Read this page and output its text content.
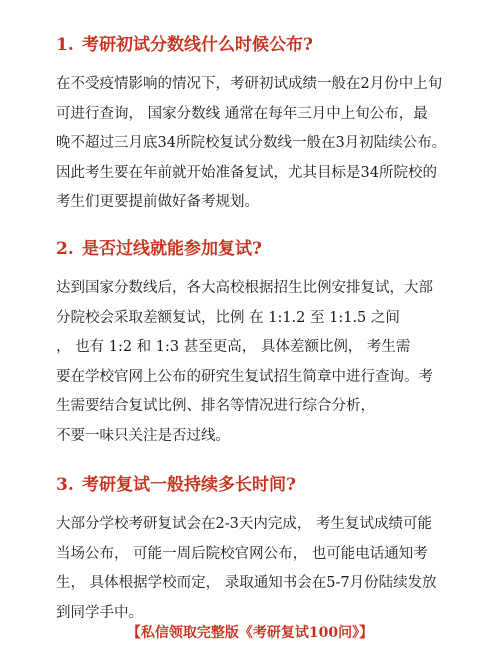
1. 考研初试分数线什么时候公布?

在不受疫情影响的情况下，考研初试成绩一般在2月份中上旬
可进行查询， 国家分数线 通常在每年三月中上旬公布，最
晚不超过三月底34所院校复试分数线一般在3月初陆续公布。
因此考生要在年前就开始准备复试，尤其目标是34所院校的
考生们更要提前做好备考规划。

2. 是否过线就能参加复试?

达到国家分数线后，各大高校根据招生比例安排复试，大部
分院校会采取差额复试，比例 在 1:1.2 至 1:1.5 之间
， 也有 1:2 和 1:3 甚至更高， 具体差额比例， 考生需
要在学校官网上公布的研究生复试招生简章中进行查询。考
生需要结合复试比例、排名等情况进行综合分析，
不要一味只关注是否过线。

3. 考研复试一般持续多长时间?

大部分学校考研复试会在2-3天内完成， 考生复试成绩可能
当场公布， 可能一周后院校官网公布， 也可能电话通知考
生， 具体根据学校而定， 录取通知书会在5-7月份陆续发放
到同学手中。

【私信领取完整版《考研复试100问》】
